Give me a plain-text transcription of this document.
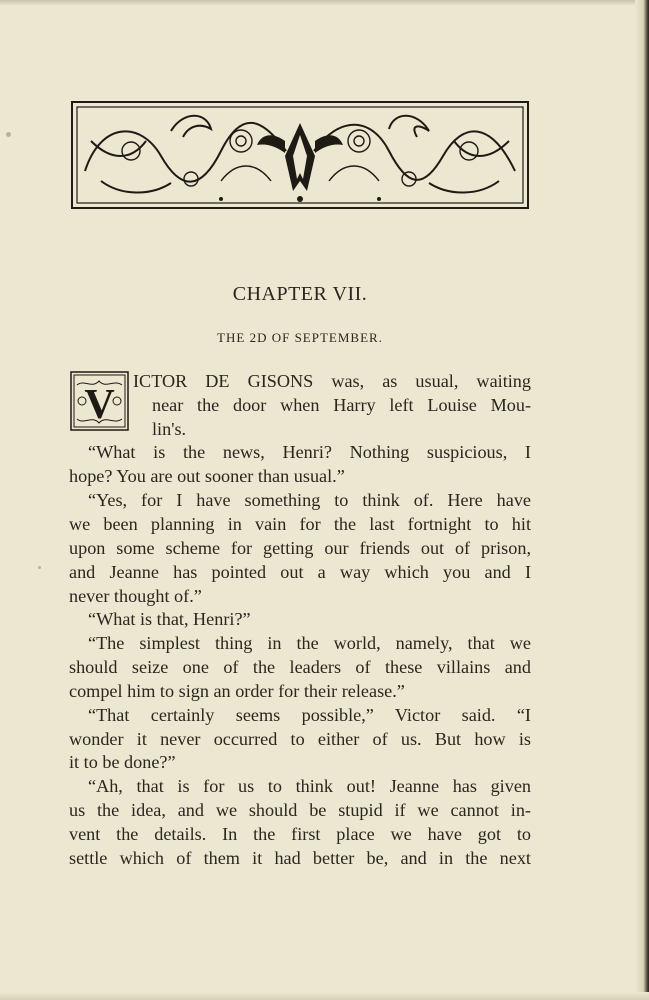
CHAPTER VII.
THE 2D OF SEPTEMBER.
V
ICTOR DE GISONS was, as usual, waiting
near the door when Harry left Louise Mou-
lin's.
“What is the news, Henri? Nothing suspicious, I
hope? You are out sooner than usual.”
“Yes, for I have something to think of. Here have
we been planning in vain for the last fortnight to hit
upon some scheme for getting our friends out of prison,
and Jeanne has pointed out a way which you and I
never thought of.”
“What is that, Henri?”
“The simplest thing in the world, namely, that we
should seize one of the leaders of these villains and
compel him to sign an order for their release.”
“That certainly seems possible,” Victor said. “I
wonder it never occurred to either of us. But how is
it to be done?”
“Ah, that is for us to think out! Jeanne has given
us the idea, and we should be stupid if we cannot in-
vent the details. In the first place we have got to
settle which of them it had better be, and in the next
